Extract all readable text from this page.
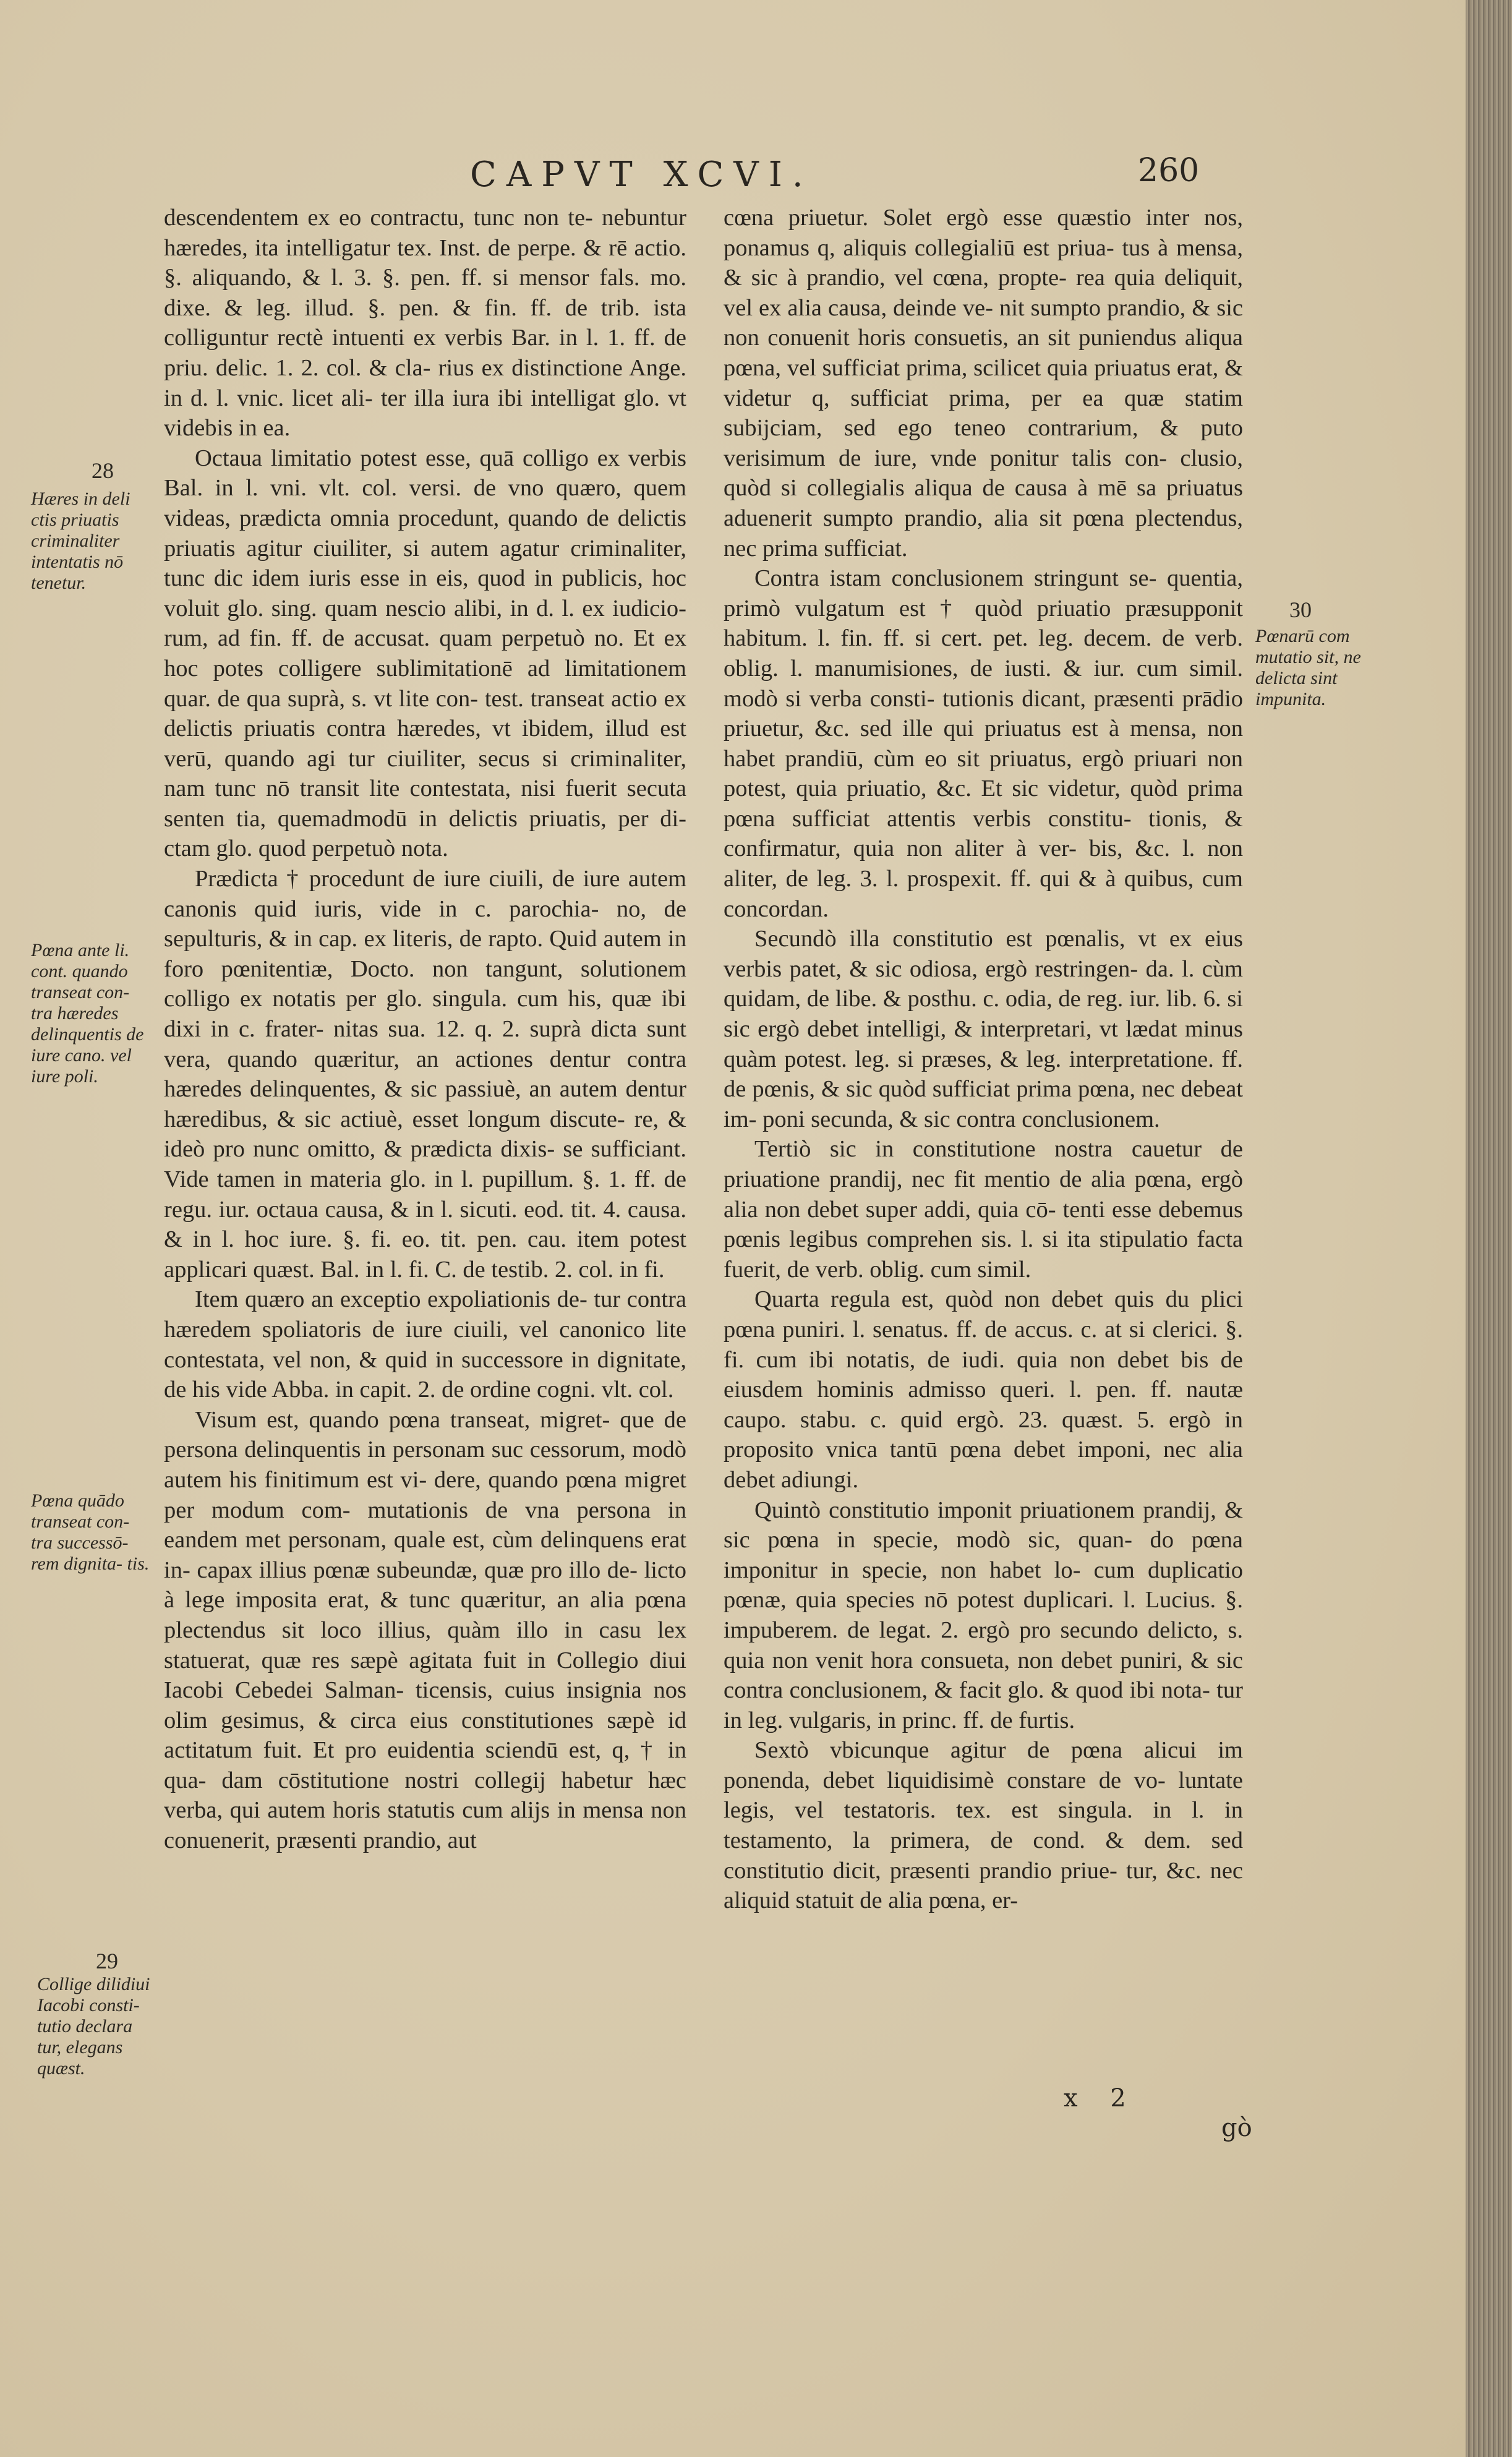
CAPVT XCVI.	260

descendentem ex eo contractu, tunc non te- nebuntur hæredes, ita intelligatur tex. Inst. de perpe. & rē actio. §. aliquando, & l. 3. §. pen. ff. si mensor fals. mo. dixe. & leg. illud. §. pen. & fin. ff. de trib. ista colliguntur rectè intuenti ex verbis Bar. in l. 1. ff. de priu. delic. 1. 2. col. & cla- rius ex distinctione Ange. in d. l. vnic. licet ali- ter illa iura ibi intelligat glo. vt videbis in ea.

Octaua limitatio potest esse, quā colligo ex verbis Bal. in l. vni. vlt. col. versi. de vno quæro, quem videas, prædicta omnia procedunt, quando de delictis priuatis agitur ciuiliter, si autem agatur criminaliter, tunc dic idem iuris esse in eis, quod in publicis, hoc voluit glo. sing. quam nescio alibi, in d. l. ex iudicio- rum, ad fin. ff. de accusat. quam perpetuò no. Et ex hoc potes colligere sublimitationē ad limitationem quar. de qua suprà, s. vt lite con- test. transeat actio ex delictis priuatis contra hæredes, vt ibidem, illud est verū, quando agi tur ciuiliter, secus si criminaliter, nam tunc nō transit lite contestata, nisi fuerit secuta senten tia, quemadmodū in delictis priuatis, per di- ctam glo. quod perpetuò nota.

Prædicta † procedunt de iure ciuili, de iure autem canonis quid iuris, vide in c. parochia- no, de sepulturis, & in cap. ex literis, de rapto. Quid autem in foro pœnitentiæ, Docto. non tangunt, solutionem colligo ex notatis per glo. singula. cum his, quæ ibi dixi in c. frater- nitas sua. 12. q. 2. suprà dicta sunt vera, quando quæritur, an actiones dentur contra hæredes delinquentes, & sic passiuè, an autem dentur hæredibus, & sic actiuè, esset longum discute- re, & ideò pro nunc omitto, & prædicta dixis- se sufficiant. Vide tamen in materia glo. in l. pupillum. §. 1. ff. de regu. iur. octaua causa, & in l. sicuti. eod. tit. 4. causa. & in l. hoc iure. §. fi. eo. tit. pen. cau. item potest applicari quæst. Bal. in l. fi. C. de testib. 2. col. in fi.

Item quæro an exceptio expoliationis de- tur contra hæredem spoliatoris de iure ciuili, vel canonico lite contestata, vel non, & quid in successore in dignitate, de his vide Abba. in capit. 2. de ordine cogni. vlt. col.

Visum est, quando pœna transeat, migret- que de persona delinquentis in personam suc cessorum, modò autem his finitimum est vi- dere, quando pœna migret per modum com- mutationis de vna persona in eandem met personam, quale est, cùm delinquens erat in- capax illius pœnæ subeundæ, quæ pro illo de- licto à lege imposita erat, & tunc quæritur, an alia pœna plectendus sit loco illius, quàm illo in casu lex statuerat, quæ res sæpè agitata fuit in Collegio diui Iacobi Cebedei Salman- ticensis, cuius insignia nos olim gesimus, & circa eius constitutiones sæpè id actitatum fuit. Et pro euidentia sciendū est, q, † in qua- dam cōstitutione nostri collegij habetur hæc verba, qui autem horis statutis cum alijs in mensa non conuenerit, præsenti prandio, aut

cœna priuetur. Solet ergò esse quæstio inter nos, ponamus q, aliquis collegialiū est priua- tus à mensa, & sic à prandio, vel cœna, propte- rea quia deliquit, vel ex alia causa, deinde ve- nit sumpto prandio, & sic non conuenit horis consuetis, an sit puniendus aliqua pœna, vel sufficiat prima, scilicet quia priuatus erat, & videtur q, sufficiat prima, per ea quæ statim subijciam, sed ego teneo contrarium, & puto verisimum de iure, vnde ponitur talis con- clusio, quòd si collegialis aliqua de causa à mē sa priuatus aduenerit sumpto prandio, alia sit pœna plectendus, nec prima sufficiat.

Contra istam conclusionem stringunt se- quentia, primò vulgatum est † quòd priuatio præsupponit habitum. l. fin. ff. si cert. pet. leg. decem. de verb. oblig. l. manumisiones, de iusti. & iur. cum simil. modò si verba consti- tutionis dicant, præsenti prādio priuetur, &c. sed ille qui priuatus est à mensa, non habet prandiū, cùm eo sit priuatus, ergò priuari non potest, quia priuatio, &c. Et sic videtur, quòd prima pœna sufficiat attentis verbis constitu- tionis, & confirmatur, quia non aliter à ver- bis, &c. l. non aliter, de leg. 3. l. prospexit. ff. qui & à quibus, cum concordan.

Secundò illa constitutio est pœnalis, vt ex eius verbis patet, & sic odiosa, ergò restringen- da. l. cùm quidam, de libe. & posthu. c. odia, de reg. iur. lib. 6. si sic ergò debet intelligi, & interpretari, vt lædat minus quàm potest. leg. si præses, & leg. interpretatione. ff. de pœnis, & sic quòd sufficiat prima pœna, nec debeat im- poni secunda, & sic contra conclusionem.

Tertiò sic in constitutione nostra cauetur de priuatione prandij, nec fit mentio de alia pœna, ergò alia non debet super addi, quia cō- tenti esse debemus pœnis legibus comprehen sis. l. si ita stipulatio facta fuerit, de verb. oblig. cum simil.

Quarta regula est, quòd non debet quis du plici pœna puniri. l. senatus. ff. de accus. c. at si clerici. §. fi. cum ibi notatis, de iudi. quia non debet bis de eiusdem hominis admisso queri. l. pen. ff. nautæ caupo. stabu. c. quid ergò. 23. quæst. 5. ergò in proposito vnica tantū pœna debet imponi, nec alia debet adiungi.

Quintò constitutio imponit priuationem prandij, & sic pœna in specie, modò sic, quan- do pœna imponitur in specie, non habet lo- cum duplicatio pœnæ, quia species nō potest duplicari. l. Lucius. §. impuberem. de legat. 2. ergò pro secundo delicto, s. quia non venit hora consueta, non debet puniri, & sic contra conclusionem, & facit glo. & quod ibi nota- tur in leg. vulgaris, in princ. ff. de furtis.

Sextò vbicunque agitur de pœna alicui im ponenda, debet liquidisimè constare de vo- luntate legis, vel testatoris. tex. est singula. in l. in testamento, la primera, de cond. & dem. sed constitutio dicit, præsenti prandio priue- tur, &c. nec aliquid statuit de alia pœna, er-

28
Hæres in deli ctis priuatis criminaliter intentatis nō tenetur.
Pœna ante li. cont. quando transeat con- tra hæredes delinquentis de iure cano. vel iure poli.
Pœna quādo transeat con- tra successō- rem dignita- tis.
29
Collige dilidiui Iacobi consti- tutio declara tur, elegans quæst.
30
Pœnarū com mutatio sit, ne delicta sint impunita.
x 2
gò
